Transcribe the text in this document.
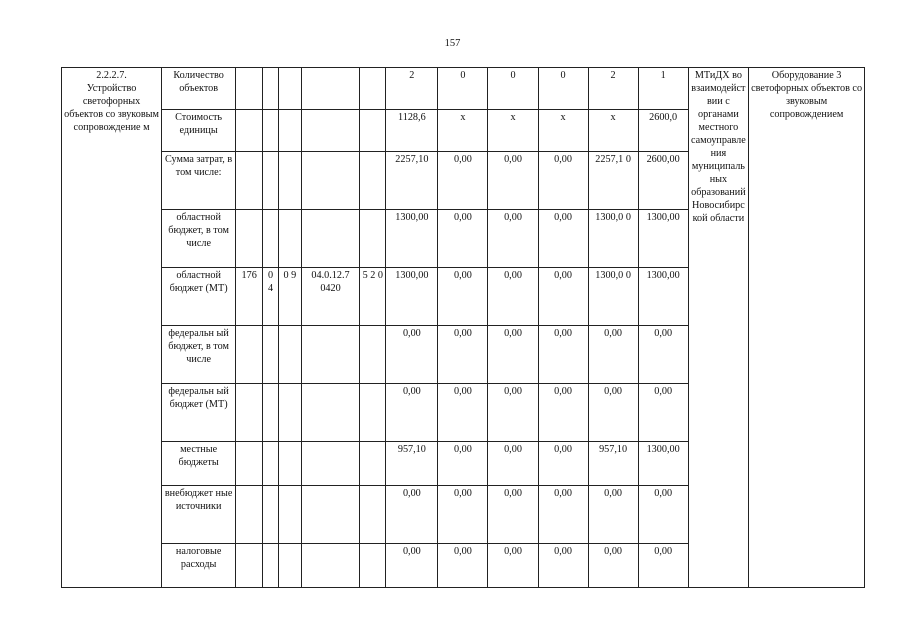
157
2.2.2.7.
Устройство светофорных объектов со звуковым сопровождение м	Количество объектов						2	0	0	0	2	1	МТиДХ во взаимодейст вии с органами местного самоуправле ния муниципаль ных образований Новосибирс кой области	Оборудование 3 светофорных объектов со звуковым сопровождением
	Стоимость единицы						1128,6	x	x	x	x	2600,0		
	Сумма затрат, в том числе:						2257,10	0,00	0,00	0,00	2257,1 0	2600,00		
	областной бюджет, в том числе						1300,00	0,00	0,00	0,00	1300,0 0	1300,00		
	областной бюджет (МТ)	176	0 4	0 9	04.0.12.7 0420	5 2 0	1300,00	0,00	0,00	0,00	1300,0 0	1300,00		
	федеральн ый бюджет, в том числе						0,00	0,00	0,00	0,00	0,00	0,00		
	федеральн ый бюджет (МТ)						0,00	0,00	0,00	0,00	0,00	0,00		
	местные бюджеты						957,10	0,00	0,00	0,00	957,10	1300,00		
	внебюджет ные источники						0,00	0,00	0,00	0,00	0,00	0,00		
	налоговые расходы						0,00	0,00	0,00	0,00	0,00	0,00		
